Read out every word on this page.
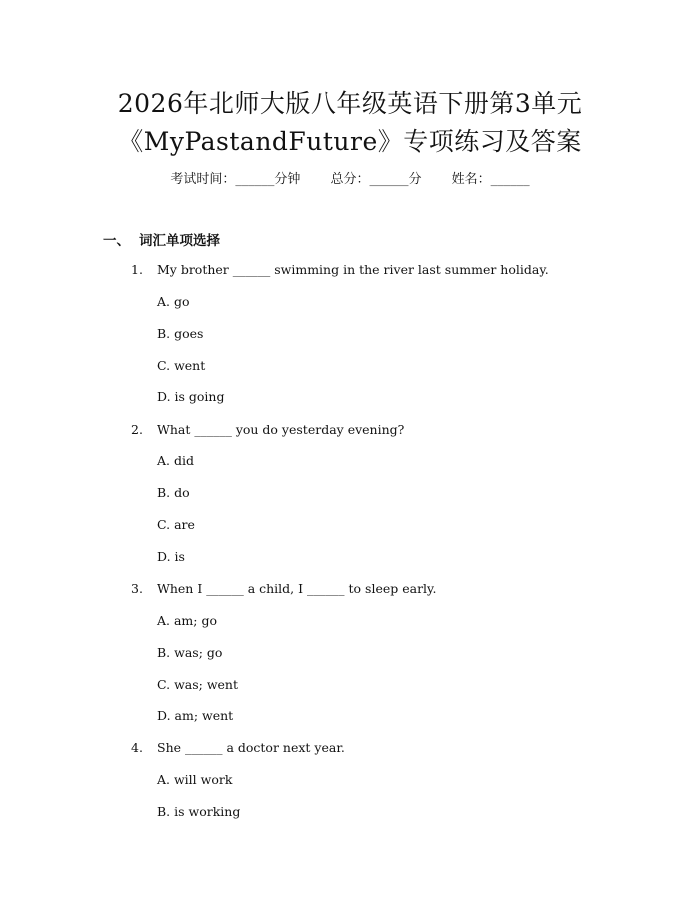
2026年北师大版八年级英语下册第3单元
《MyPastandFuture》专项练习及答案
考试时间：______分钟 总分：______分 姓名：______
一、 词汇单项选择
1. My brother ______ swimming in the river last summer holiday.
A. go
B. goes
C. went
D. is going
2. What ______ you do yesterday evening?
A. did
B. do
C. are
D. is
3. When I ______ a child, I ______ to sleep early.
A. am; go
B. was; go
C. was; went
D. am; went
4. She ______ a doctor next year.
A. will work
B. is working
